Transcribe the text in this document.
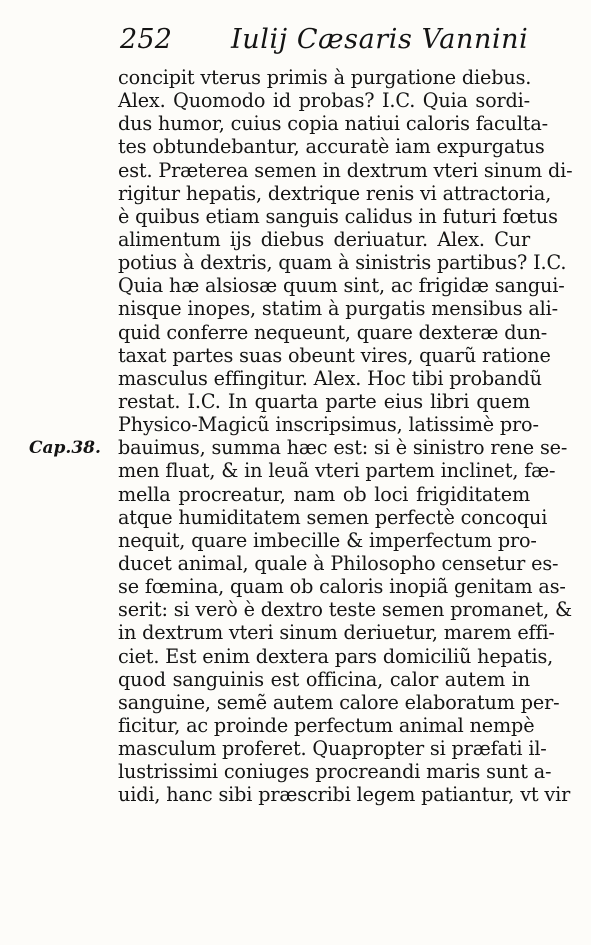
252 Iulij Cæsaris Vannini
Cap.38.
concipit vterus primis à purgatione diebus.
Alex. Quomodo id probas? I.C. Quia sordi-
dus humor, cuius copia natiui caloris faculta-
tes obtundebantur, accuratè iam expurgatus
est. Præterea semen in dextrum vteri sinum di-
rigitur hepatis, dextrique renis vi attractoria,
è quibus etiam sanguis calidus in futuri fœtus
alimentum ijs diebus deriuatur. Alex. Cur
potius à dextris, quam à sinistris partibus? I.C.
Quia hæ alsiosæ quum sint, ac frigidæ sangui-
nisque inopes, statim à purgatis mensibus ali-
quid conferre nequeunt, quare dexteræ dun-
taxat partes suas obeunt vires, quarũ ratione
masculus effingitur. Alex. Hoc tibi probandũ
restat. I.C. In quarta parte eius libri quem
Physico-Magicũ inscripsimus, latissimè pro-
bauimus, summa hæc est: si è sinistro rene se-
men fluat, & in leuã vteri partem inclinet, fæ-
mella procreatur, nam ob loci frigiditatem
atque humiditatem semen perfectè concoqui
nequit, quare imbecille & imperfectum pro-
ducet animal, quale à Philosopho censetur es-
se fœmina, quam ob caloris inopiã genitam as-
serit: si verò è dextro teste semen promanet, &
in dextrum vteri sinum deriuetur, marem effi-
ciet. Est enim dextera pars domiciliũ hepatis,
quod sanguinis est officina, calor autem in
sanguine, semẽ autem calore elaboratum per-
ficitur, ac proinde perfectum animal nempè
masculum proferet. Quapropter si præfati il-
lustrissimi coniuges procreandi maris sunt a-
uidi, hanc sibi præscribi legem patiantur, vt vir
